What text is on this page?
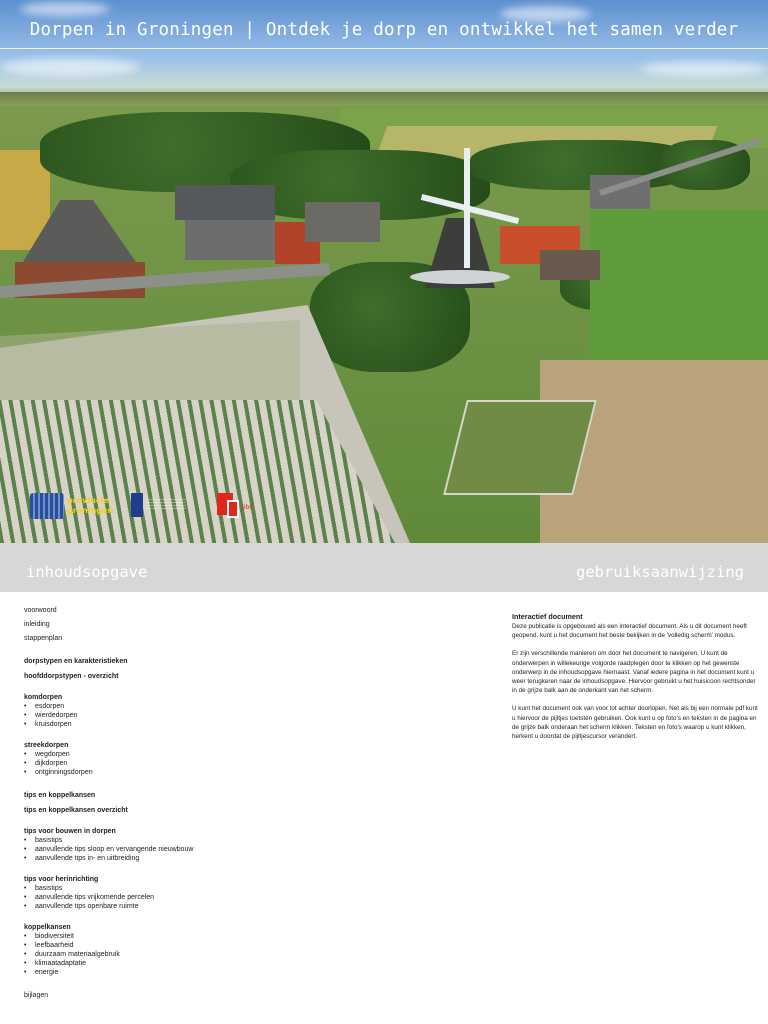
Dorpen in Groningen | Ontdek je dorp en ontwikkel het samen verder
provincie
groningen	jibs
inhoudsopgave	gebruiksaanwijzing
voorwoord
inleiding
stappenplan
dorpstypen en karakteristieken
hoofddorpstypen - overzicht
komdorpen
• esdorpen
• wierdedorpen
• kruisdorpen
streekdorpen
• wegdorpen
• dijkdorpen
• ontginningsdorpen
tips en koppelkansen
tips en koppelkansen overzicht
tips voor bouwen in dorpen
• basistips
• aanvullende tips sloop en vervangende nieuwbouw
• aanvullende tips in- en uitbreiding
tips voor herinrichting
• basistips
• aanvullende tips vrijkomende percelen
• aanvullende tips openbare ruimte
koppelkansen
• biodiversiteit
• leefbaarheid
• duurzaam materiaalgebruik
• klimaatadaptatie
• energie
bijlagen
Interactief document

Deze publicatie is opgebouwd als een interactief document. Als u dit document heeft geopend, kunt u het document het beste bekijken in de 'volledig scherm' modus.

Er zijn verschillende manieren om door het document te navigeren. U kunt de onderwerpen in willekeurige volgorde raadplegen door te klikken op het gewenste onderwerp in de inhoudsopgave hiernaast. Vanaf iedere pagina in het document kunt u weer terugkeren naar de inhoudsopgave. Hiervoor gebruikt u het huisicoon rechtsonder in de grijze balk aan de onderkant van het scherm.

U kunt het document ook van voor tot achter doorlopen. Net als bij een normale pdf kunt u hiervoor de pijltjes toetsten gebruiken. Ook kunt u op foto's en teksten in de pagina en de grijze balk onderaan het scherm klikken. Teksten en foto's waarop u kunt klikken, herkent u doordat de pijltjescursor verandert.
